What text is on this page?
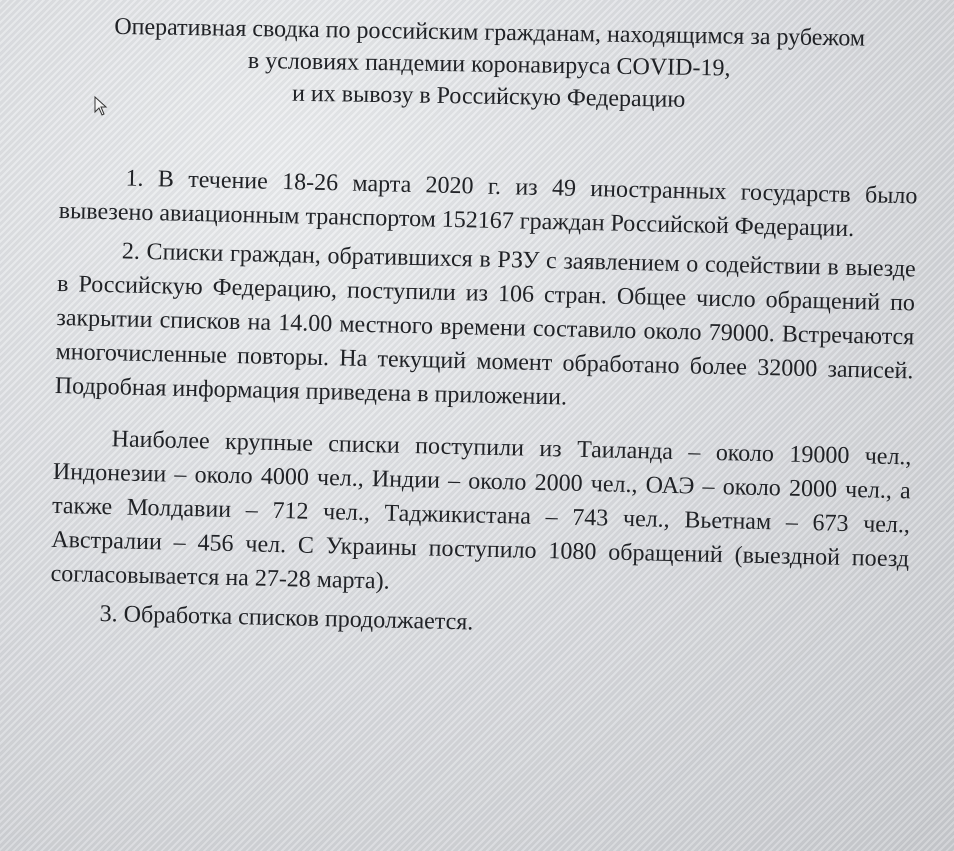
Оперативная сводка по российским гражданам, находящимся за рубежом
в условиях пандемии коронавируса COVID-19,
и их вывозу в Российскую Федерацию

1. В течение 18-26 марта 2020 г. из 49 иностранных государств было вывезено авиационным транспортом 152167 граждан Российской Федерации.

2. Списки граждан, обратившихся в РЗУ с заявлением о содействии в выезде в Российскую Федерацию, поступили из 106 стран. Общее число обращений по закрытии списков на 14.00 местного времени составило около 79000. Встречаются многочисленные повторы. На текущий момент обработано более 32000 записей. Подробная информация приведена в приложении.

Наиболее крупные списки поступили из Таиланда – около 19000 чел., Индонезии – около 4000 чел., Индии – около 2000 чел., ОАЭ – около 2000 чел., а также Молдавии – 712 чел., Таджикистана – 743 чел., Вьетнам – 673 чел., Австралии – 456 чел. С Украины поступило 1080 обращений (выездной поезд согласовывается на 27-28 марта).

3. Обработка списков продолжается.
